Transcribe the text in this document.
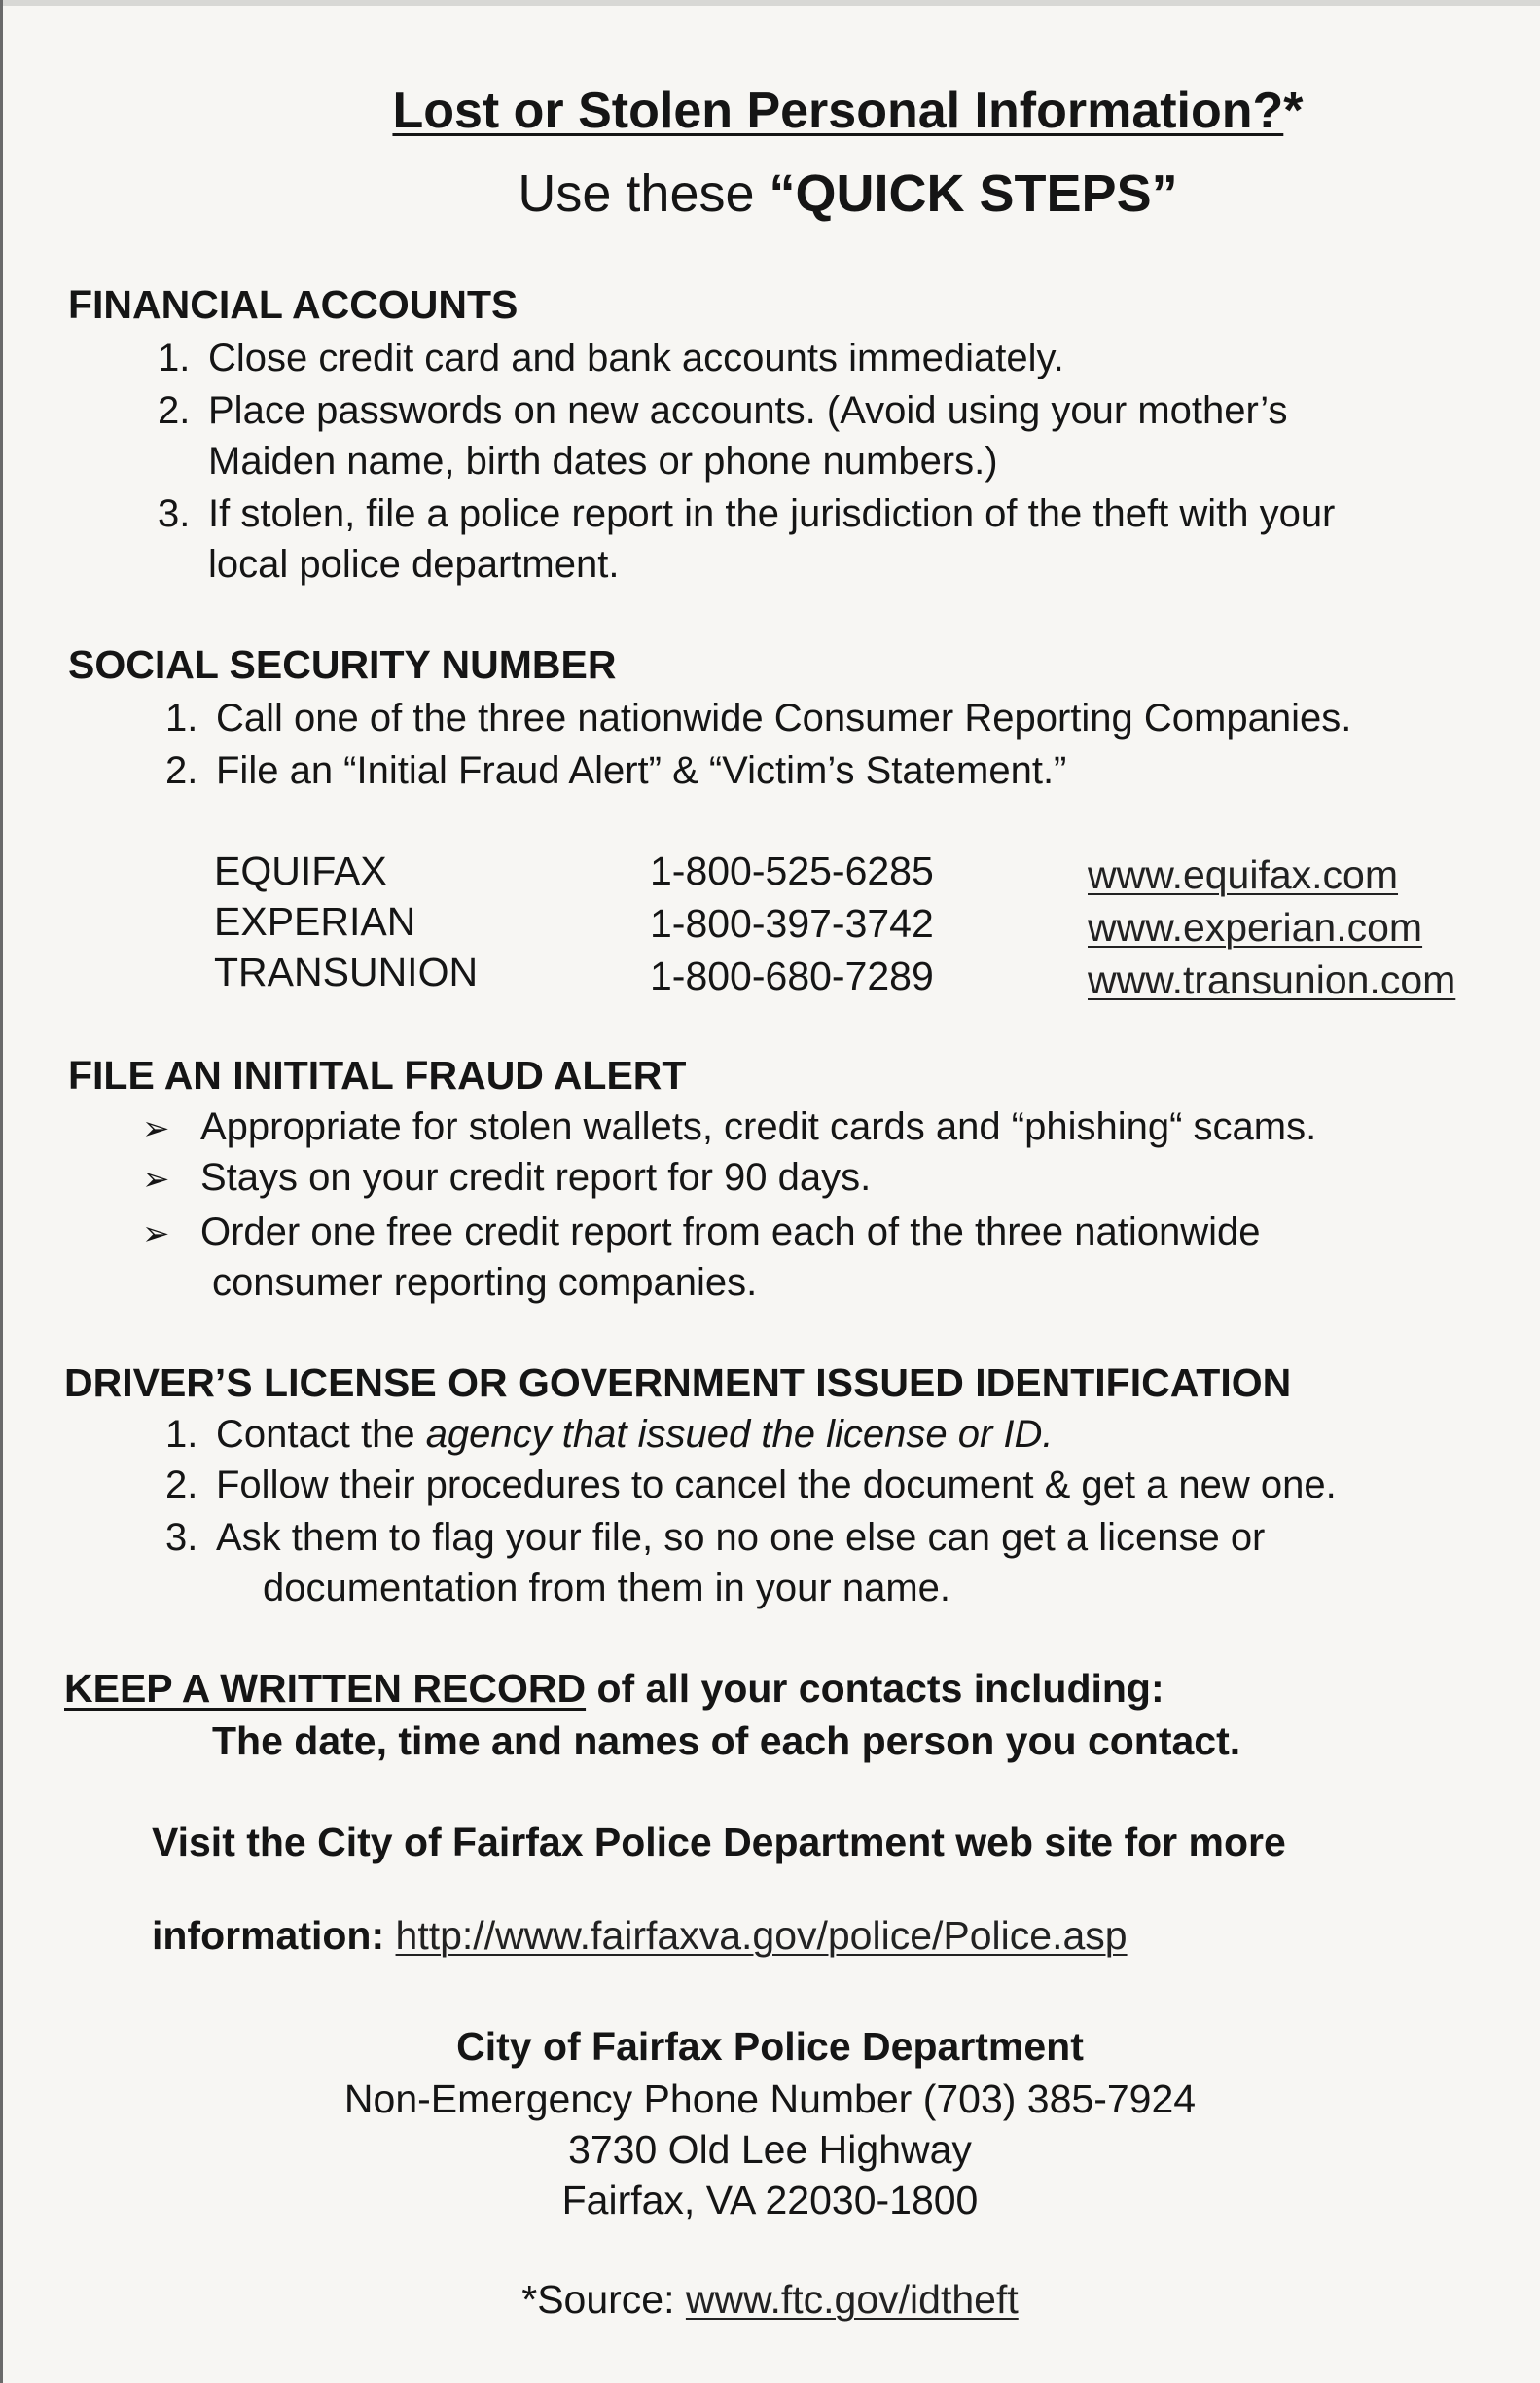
Lost or Stolen Personal Information?*
Use these “QUICK STEPS”
FINANCIAL ACCOUNTS
1. Close credit card and bank accounts immediately.
2. Place passwords on new accounts. (Avoid using your mother’s
Maiden name, birth dates or phone numbers.)
3. If stolen, file a police report in the jurisdiction of the theft with your
local police department.
SOCIAL SECURITY NUMBER
1. Call one of the three nationwide Consumer Reporting Companies.
2. File an “Initial Fraud Alert” & “Victim’s Statement.”
EQUIFAX	1-800-525-6285	www.equifax.com
EXPERIAN	1-800-397-3742	www.experian.com
TRANSUNION	1-800-680-7289	www.transunion.com
FILE AN INITITAL FRAUD ALERT
➢ Appropriate for stolen wallets, credit cards and “phishing“ scams.
➢ Stays on your credit report for 90 days.
➢ Order one free credit report from each of the three nationwide
consumer reporting companies.
DRIVER’S LICENSE OR GOVERNMENT ISSUED IDENTIFICATION
1. Contact the agency that issued the license or ID.
2. Follow their procedures to cancel the document & get a new one.
3. Ask them to flag your file, so no one else can get a license or
documentation from them in your name.
KEEP A WRITTEN RECORD of all your contacts including:
The date, time and names of each person you contact.
Visit the City of Fairfax Police Department web site for more
information: http://www.fairfaxva.gov/police/Police.asp
City of Fairfax Police Department
Non-Emergency Phone Number (703) 385-7924
3730 Old Lee Highway
Fairfax, VA 22030-1800
*Source: www.ftc.gov/idtheft
